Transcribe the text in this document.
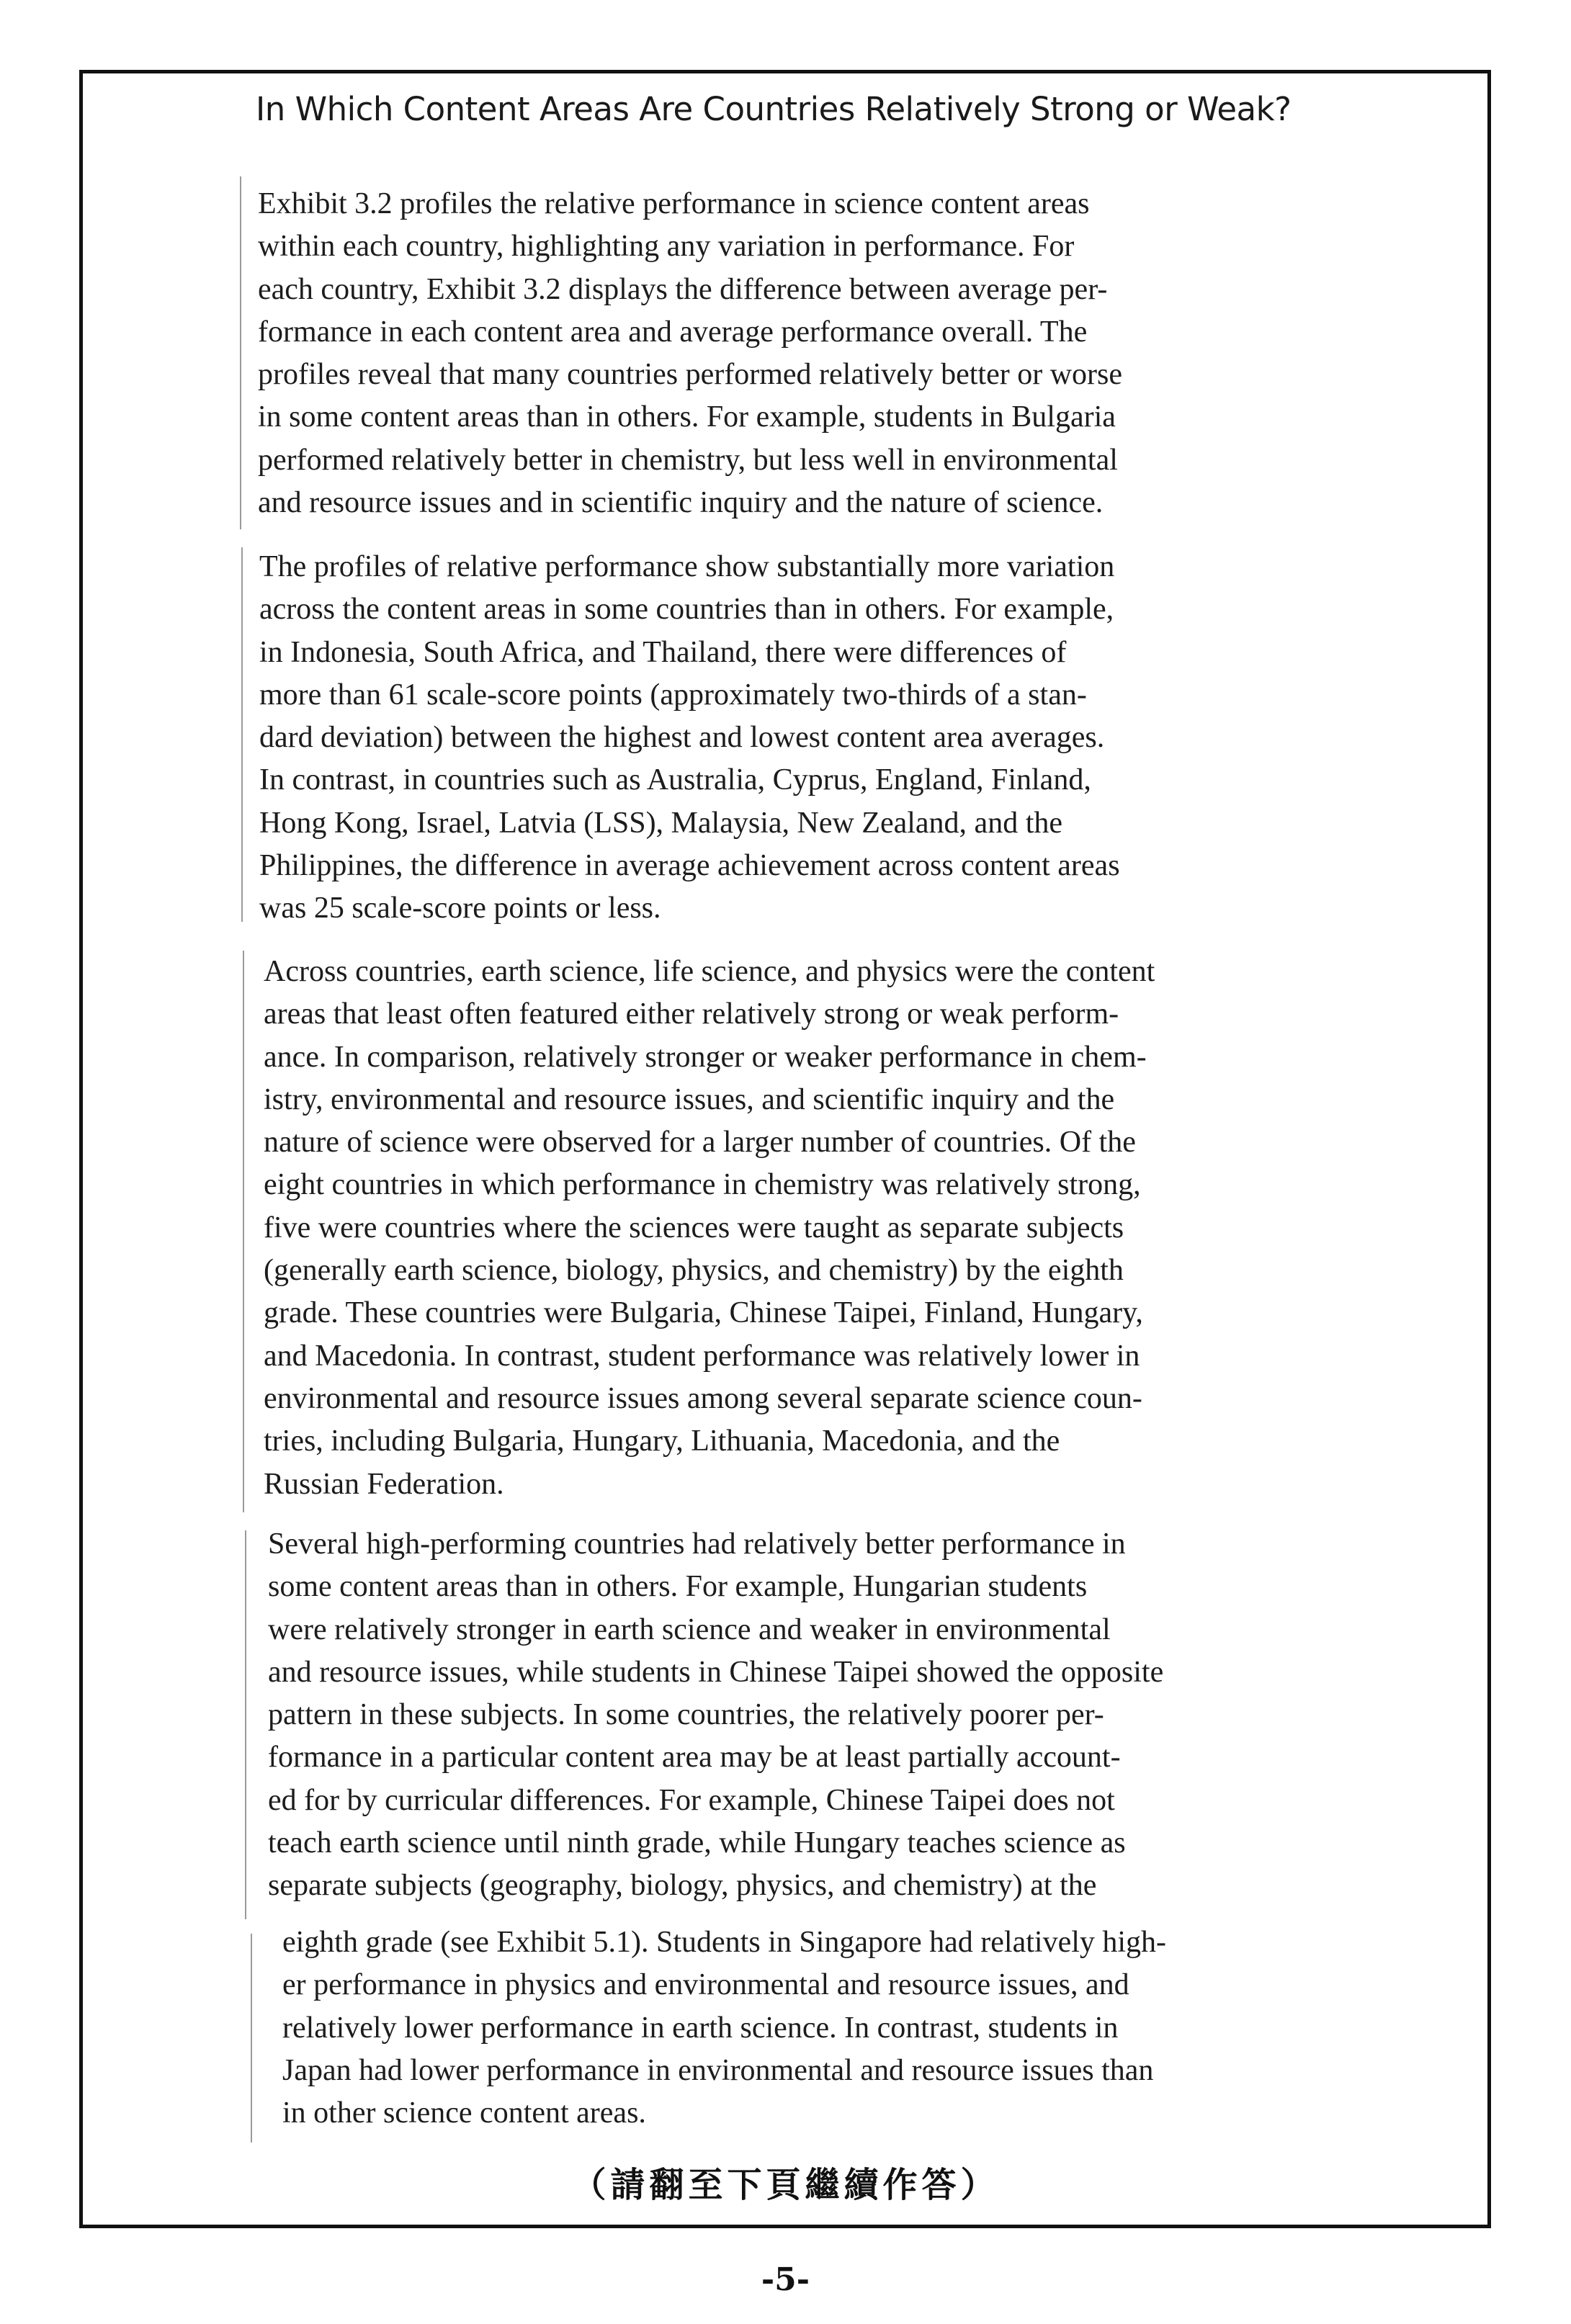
In Which Content Areas Are Countries Relatively Strong or Weak?
Exhibit 3.2 profiles the relative performance in science content areas
within each country, highlighting any variation in performance. For
each country, Exhibit 3.2 displays the difference between average per-
formance in each content area and average performance overall. The
profiles reveal that many countries performed relatively better or worse
in some content areas than in others. For example, students in Bulgaria
performed relatively better in chemistry, but less well in environmental
and resource issues and in scientific inquiry and the nature of science.
The profiles of relative performance show substantially more variation
across the content areas in some countries than in others. For example,
in Indonesia, South Africa, and Thailand, there were differences of
more than 61 scale-score points (approximately two-thirds of a stan-
dard deviation) between the highest and lowest content area averages.
In contrast, in countries such as Australia, Cyprus, England, Finland,
Hong Kong, Israel, Latvia (LSS), Malaysia, New Zealand, and the
Philippines, the difference in average achievement across content areas
was 25 scale-score points or less.
Across countries, earth science, life science, and physics were the content
areas that least often featured either relatively strong or weak perform-
ance. In comparison, relatively stronger or weaker performance in chem-
istry, environmental and resource issues, and scientific inquiry and the
nature of science were observed for a larger number of countries. Of the
eight countries in which performance in chemistry was relatively strong,
five were countries where the sciences were taught as separate subjects
(generally earth science, biology, physics, and chemistry) by the eighth
grade. These countries were Bulgaria, Chinese Taipei, Finland, Hungary,
and Macedonia. In contrast, student performance was relatively lower in
environmental and resource issues among several separate science coun-
tries, including Bulgaria, Hungary, Lithuania, Macedonia, and the
Russian Federation.
Several high-performing countries had relatively better performance in
some content areas than in others. For example, Hungarian students
were relatively stronger in earth science and weaker in environmental
and resource issues, while students in Chinese Taipei showed the opposite
pattern in these subjects. In some countries, the relatively poorer per-
formance in a particular content area may be at least partially account-
ed for by curricular differences. For example, Chinese Taipei does not
teach earth science until ninth grade, while Hungary teaches science as
separate subjects (geography, biology, physics, and chemistry) at the
eighth grade (see Exhibit 5.1). Students in Singapore had relatively high-
er performance in physics and environmental and resource issues, and
relatively lower performance in earth science. In contrast, students in
Japan had lower performance in environmental and resource issues than
in other science content areas.

（請翻至下頁繼續作答）

-5-
